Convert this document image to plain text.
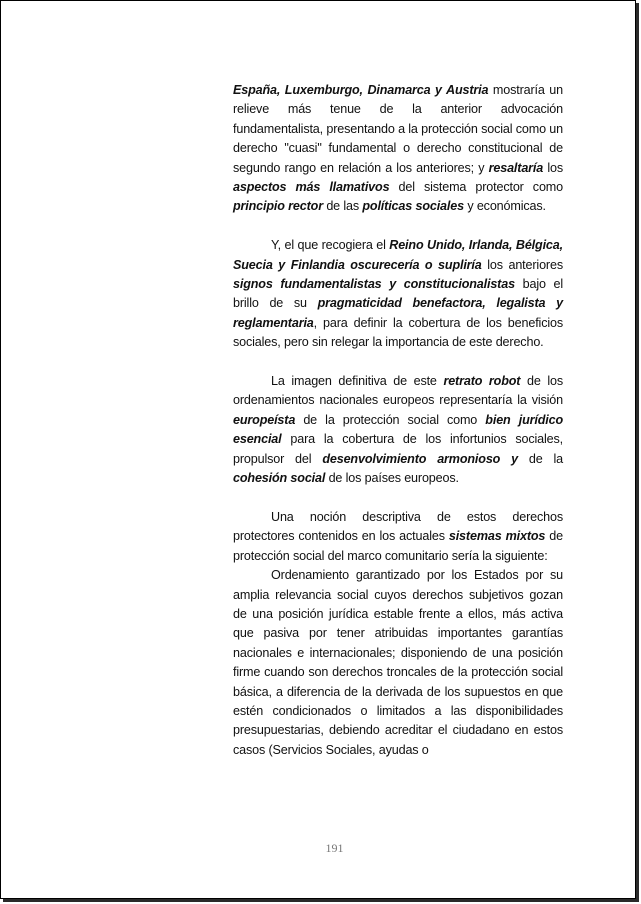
España, Luxemburgo, Dinamarca y Austria mostraría un relieve más tenue de la anterior advocación fundamentalista, presentando a la protección social como un derecho "cuasi" fundamental o derecho constitucional de segundo rango en relación a los anteriores; y resaltaría los aspectos más llamativos del sistema protector como principio rector de las políticas sociales y económicas.

Y, el que recogiera el Reino Unido, Irlanda, Bélgica, Suecia y Finlandia oscurecería o supliría los anteriores signos fundamentalistas y constitucionalistas bajo el brillo de su pragmaticidad benefactora, legalista y reglamentaria, para definir la cobertura de los beneficios sociales, pero sin relegar la importancia de este derecho.

La imagen definitiva de este retrato robot de los ordenamientos nacionales europeos representaría la visión europeísta de la protección social como bien jurídico esencial para la cobertura de los infortunios sociales, propulsor del desenvolvimiento armonioso y de la cohesión social de los países europeos.

Una noción descriptiva de estos derechos protectores contenidos en los actuales sistemas mixtos de protección social del marco comunitario sería la siguiente:

Ordenamiento garantizado por los Estados por su amplia relevancia social cuyos derechos subjetivos gozan de una posición jurídica estable frente a ellos, más activa que pasiva por tener atribuidas importantes garantías nacionales e internacionales; disponiendo de una posición firme cuando son derechos troncales de la protección social básica, a diferencia de la derivada de los supuestos en que estén condicionados o limitados a las disponibilidades presupuestarias, debiendo acreditar el ciudadano en estos casos (Servicios Sociales, ayudas o

191
